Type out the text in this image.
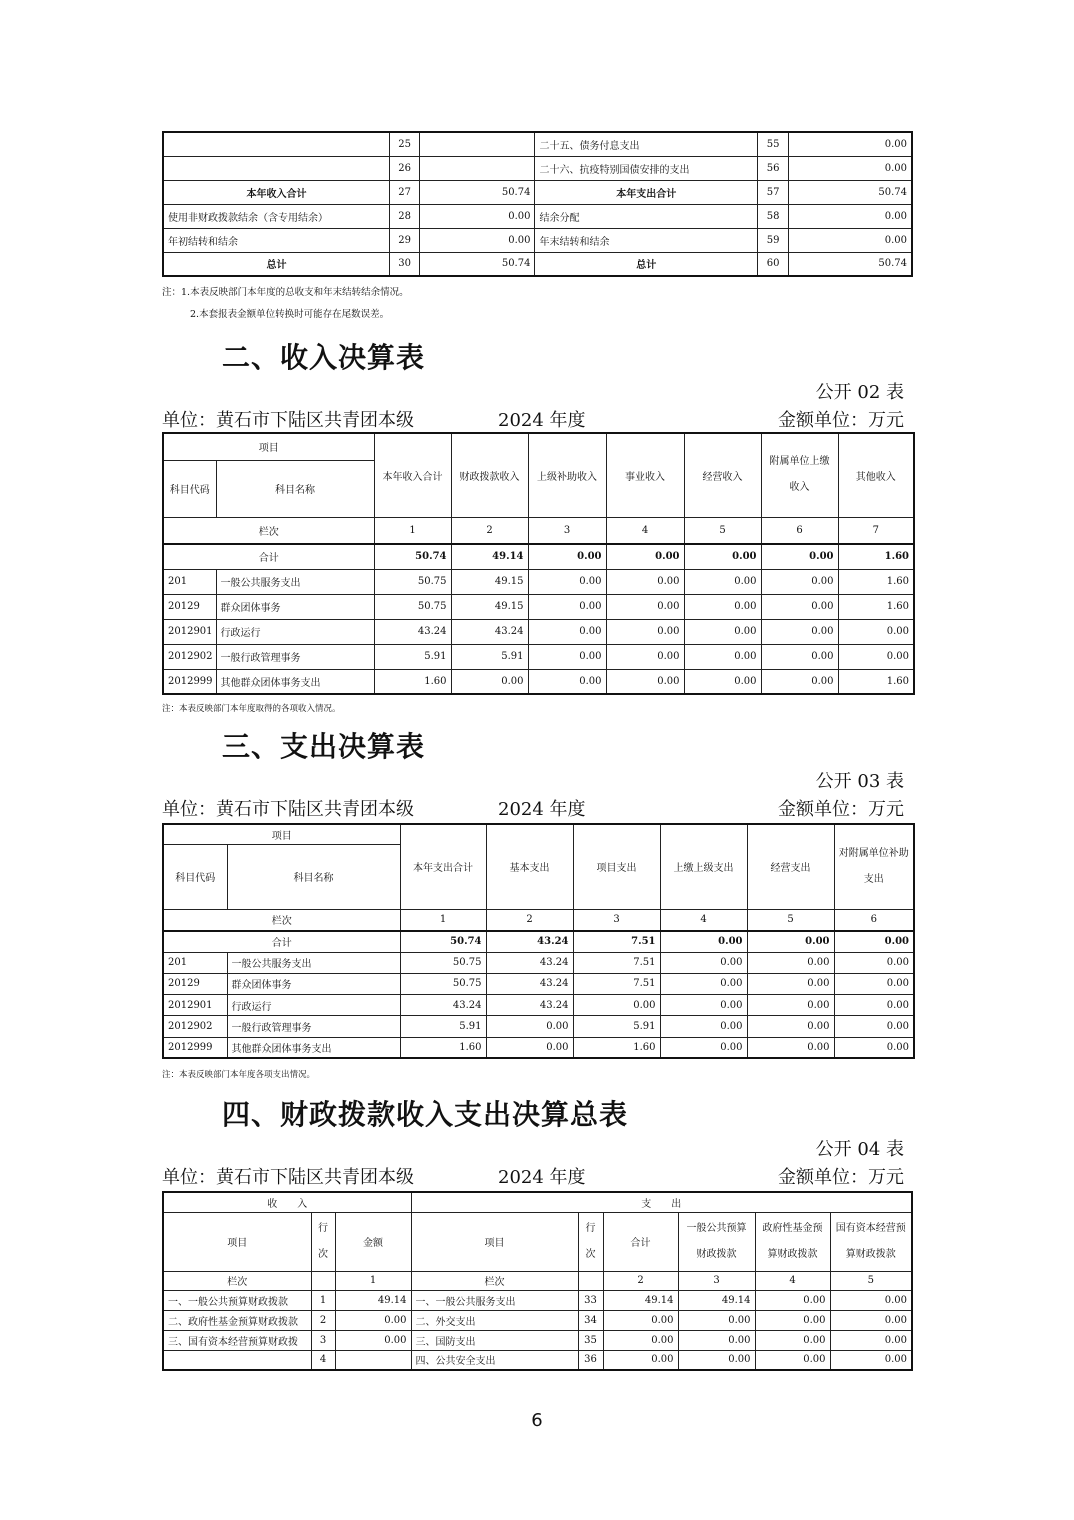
	25		二十五、债务付息支出	55	0.00
	26		二十六、抗疫特别国债安排的支出	56	0.00
本年收入合计	27	50.74	本年支出合计	57	50.74
使用非财政拨款结余（含专用结余）	28	0.00	结余分配	58	0.00
年初结转和结余	29	0.00	年末结转和结余	59	0.00
总计	30	50.74	总计	60	50.74
注：1.本表反映部门本年度的总收支和年末结转结余情况。
2.本套报表金额单位转换时可能存在尾数误差。
二、收入决算表
公开 02 表
单位：黄石市下陆区共青团本级	2024 年度	金额单位：万元
项目		本年收入合计	财政拨款收入	上级补助收入	事业收入	经营收入	附属单位上缴收入	其他收入
科目代码	科目名称							
栏次		1	2	3	4	5	6	7
合计		50.74	49.14	0.00	0.00	0.00	0.00	1.60
201	一般公共服务支出	50.75	49.15	0.00	0.00	0.00	0.00	1.60
20129	群众团体事务	50.75	49.15	0.00	0.00	0.00	0.00	1.60
2012901	行政运行	43.24	43.24	0.00	0.00	0.00	0.00	0.00
2012902	一般行政管理事务	5.91	5.91	0.00	0.00	0.00	0.00	0.00
2012999	其他群众团体事务支出	1.60	0.00	0.00	0.00	0.00	0.00	1.60
注：本表反映部门本年度取得的各项收入情况。
三、支出决算表
公开 03 表
单位：黄石市下陆区共青团本级	2024 年度	金额单位：万元
项目		本年支出合计	基本支出	项目支出	上缴上级支出	经营支出	对附属单位补助支出
科目代码	科目名称						
栏次		1	2	3	4	5	6
合计		50.74	43.24	7.51	0.00	0.00	0.00
201	一般公共服务支出	50.75	43.24	7.51	0.00	0.00	0.00
20129	群众团体事务	50.75	43.24	7.51	0.00	0.00	0.00
2012901	行政运行	43.24	43.24	0.00	0.00	0.00	0.00
2012902	一般行政管理事务	5.91	0.00	5.91	0.00	0.00	0.00
2012999	其他群众团体事务支出	1.60	0.00	1.60	0.00	0.00	0.00
注：本表反映部门本年度各项支出情况。
四、财政拨款收入支出决算总表
公开 04 表
单位：黄石市下陆区共青团本级	2024 年度	金额单位：万元
收　　入			支　　出					
项目	行次	金额	项目	行次	合计	一般公共预算财政拨款	政府性基金预算财政拨款	国有资本经营预算财政拨款
栏次		1	栏次		2	3	4	5
一、一般公共预算财政拨款	1	49.14	一、一般公共服务支出	33	49.14	49.14	0.00	0.00
二、政府性基金预算财政拨款	2	0.00	二、外交支出	34	0.00	0.00	0.00	0.00
三、国有资本经营预算财政拨	3	0.00	三、国防支出	35	0.00	0.00	0.00	0.00
	4		四、公共安全支出	36	0.00	0.00	0.00	0.00
6
